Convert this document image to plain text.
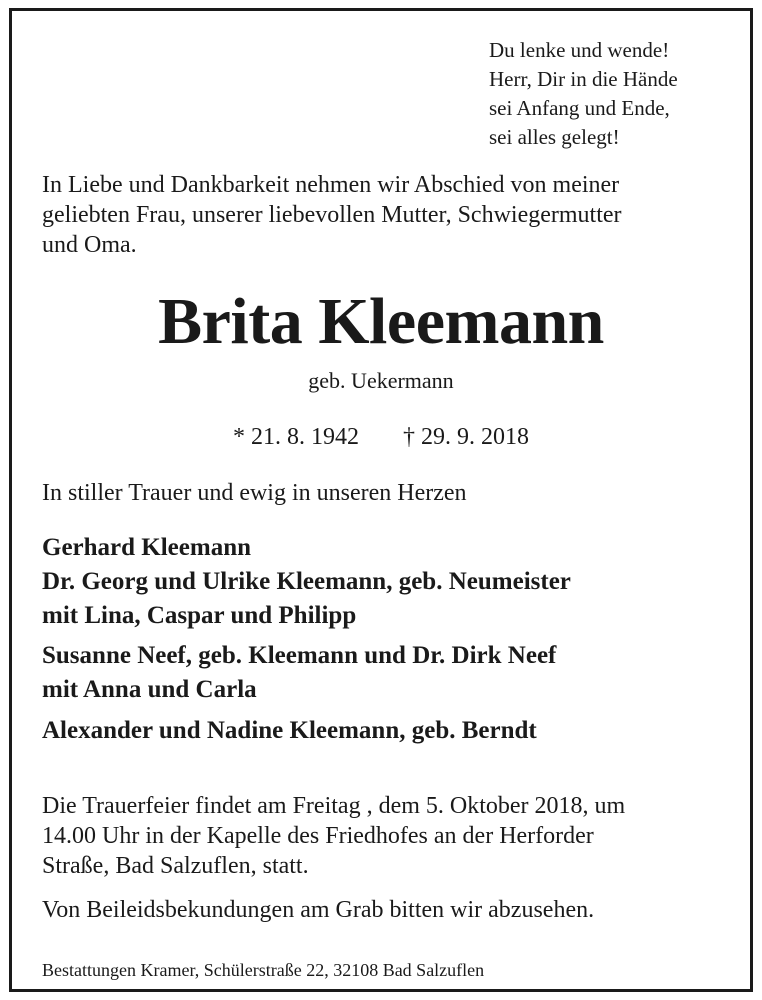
Du lenke und wende!
Herr, Dir in die Hände
sei Anfang und Ende,
sei alles gelegt!
In Liebe und Dankbarkeit nehmen wir Abschied von meiner
geliebten Frau, unserer liebevollen Mutter, Schwiegermutter
und Oma.
Brita Kleemann
geb. Uekermann
* 21. 8. 1942 † 29. 9. 2018
In stiller Trauer und ewig in unseren Herzen
Gerhard Kleemann
Dr. Georg und Ulrike Kleemann, geb. Neumeister
mit Lina, Caspar und Philipp
Susanne Neef, geb. Kleemann und Dr. Dirk Neef
mit Anna und Carla
Alexander und Nadine Kleemann, geb. Berndt
Die Trauerfeier findet am Freitag , dem 5. Oktober 2018, um
14.00 Uhr in der Kapelle des Friedhofes an der Herforder
Straße, Bad Salzuflen, statt.
Von Beileidsbekundungen am Grab bitten wir abzusehen.
Bestattungen Kramer, Schülerstraße 22, 32108 Bad Salzuflen
